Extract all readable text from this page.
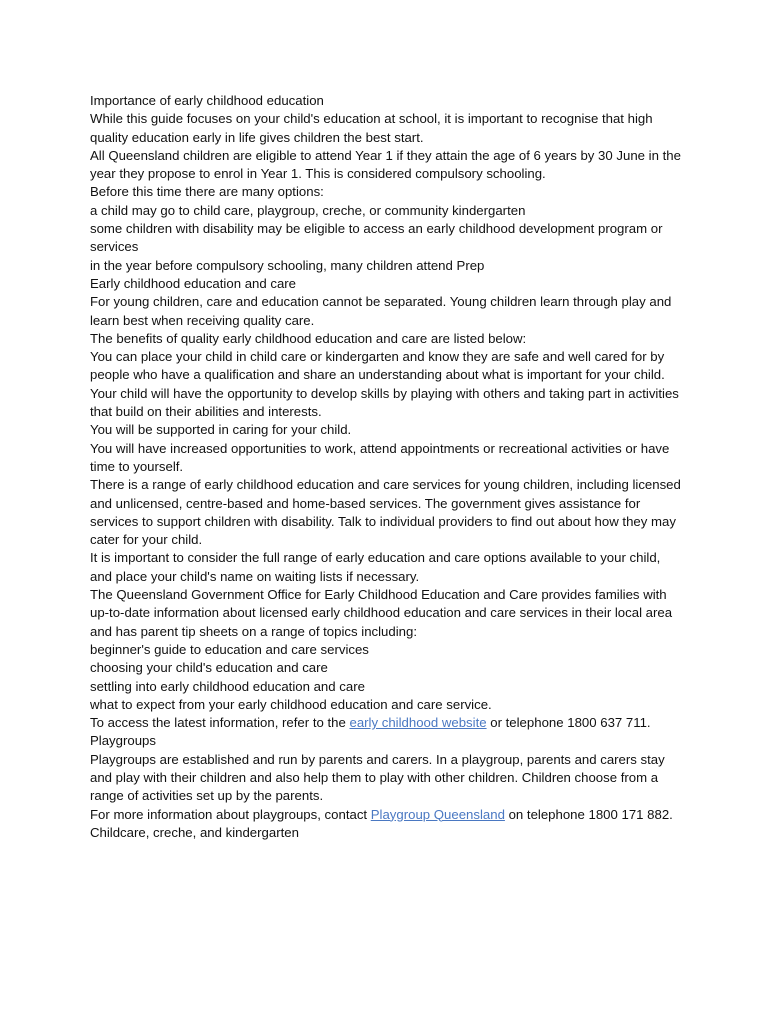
Importance of early childhood education

While this guide focuses on your child's education at school, it is important to recognise that high quality education early in life gives children the best start.

All Queensland children are eligible to attend Year 1 if they attain the age of 6 years by 30 June in the year they propose to enrol in Year 1. This is considered compulsory schooling.

Before this time there are many options:

a child may go to child care, playgroup, creche, or community kindergarten

some children with disability may be eligible to access an early childhood development program or services

in the year before compulsory schooling, many children attend Prep

Early childhood education and care

For young children, care and education cannot be separated. Young children learn through play and learn best when receiving quality care.

The benefits of quality early childhood education and care are listed below:

You can place your child in child care or kindergarten and know they are safe and well cared for by people who have a qualification and share an understanding about what is important for your child.

Your child will have the opportunity to develop skills by playing with others and taking part in activities that build on their abilities and interests.

You will be supported in caring for your child.

You will have increased opportunities to work, attend appointments or recreational activities or have time to yourself.

There is a range of early childhood education and care services for young children, including licensed and unlicensed, centre-based and home-based services. The government gives assistance for services to support children with disability. Talk to individual providers to find out about how they may cater for your child.

It is important to consider the full range of early education and care options available to your child, and place your child's name on waiting lists if necessary.

The Queensland Government Office for Early Childhood Education and Care provides families with up-to-date information about licensed early childhood education and care services in their local area and has parent tip sheets on a range of topics including:

beginner's guide to education and care services

choosing your child's education and care

settling into early childhood education and care

what to expect from your early childhood education and care service.

To access the latest information, refer to the early childhood website or telephone 1800 637 711.

Playgroups

Playgroups are established and run by parents and carers. In a playgroup, parents and carers stay and play with their children and also help them to play with other children. Children choose from a range of activities set up by the parents.

For more information about playgroups, contact Playgroup Queensland on telephone 1800 171 882.

Childcare, creche, and kindergarten
